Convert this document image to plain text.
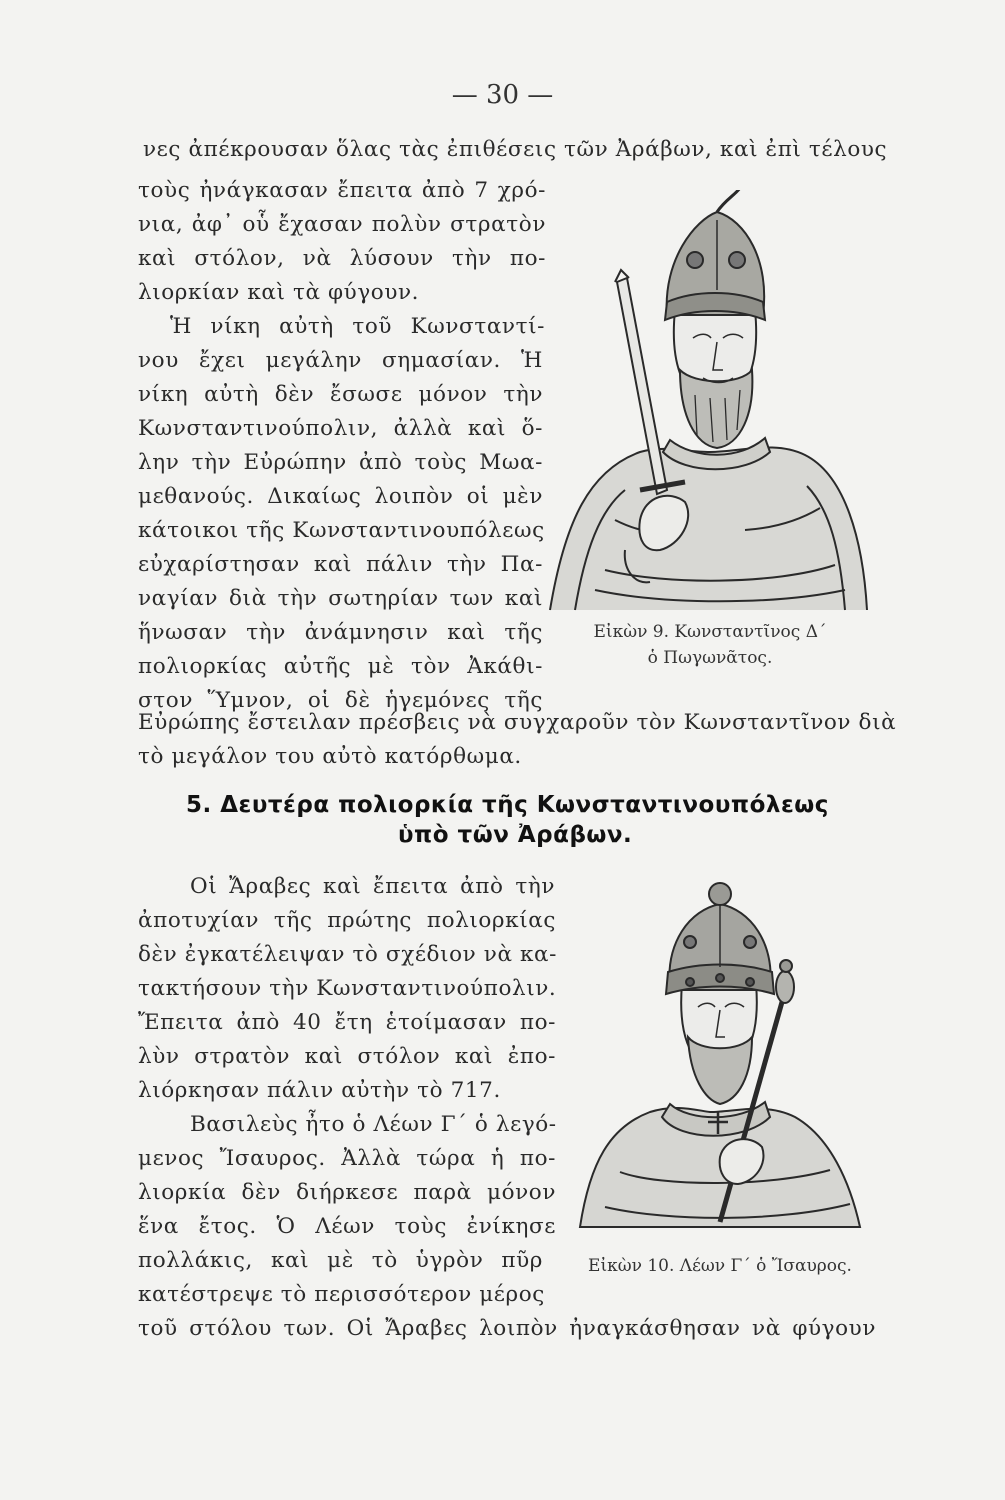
— 30 —
νες ἀπέκρουσαν ὅλας τὰς ἐπιθέσεις τῶν Ἀράβων, καὶ ἐπὶ τέλους
τοὺς ἠνάγκασαν ἔπειτα ἀπὸ 7 χρό-
νια, ἀφ᾽ οὗ ἔχασαν πολὺν στρατὸν
καὶ στόλον, νὰ λύσουν τὴν πο-
λιορκίαν καὶ τὰ φύγουν.
Ἡ νίκη αὐτὴ τοῦ Κωνσταντί-
νου ἔχει μεγάλην σημασίαν. Ἡ
νίκη αὐτὴ δὲν ἔσωσε μόνον τὴν
Κωνσταντινούπολιν, ἀλλὰ καὶ ὅ-
λην τὴν Εὐρώπην ἀπὸ τοὺς Μωα-
μεθανούς. Δικαίως λοιπὸν οἱ μὲν
κάτοικοι τῆς Κωνσταντινουπόλεως
εὐχαρίστησαν καὶ πάλιν τὴν Πα-
ναγίαν διὰ τὴν σωτηρίαν των καὶ
ἥνωσαν τὴν ἀνάμνησιν καὶ τῆς
πολιορκίας αὐτῆς μὲ τὸν Ἀκάθι-
στον Ὕμνον, οἱ δὲ ἡγεμόνες τῆς
Εὐρώπης ἔστειλαν πρέσβεις νὰ συγχαροῦν τὸν Κωνσταντῖνον διὰ
τὸ μεγάλον του αὐτὸ κατόρθωμα.
Εἰκὼν 9. Κωνσταντῖνος Δ´
ὁ Πωγωνᾶτος.
5. Δευτέρα πολιορκία τῆς Κωνσταντινουπόλεως
ὑπὸ τῶν Ἀράβων.
Οἱ Ἄραβες καὶ ἔπειτα ἀπὸ τὴν
ἀποτυχίαν τῆς πρώτης πολιορκίας
δὲν ἐγκατέλειψαν τὸ σχέδιον νὰ κα-
τακτήσουν τὴν Κωνσταντινούπολιν.
Ἔπειτα ἀπὸ 40 ἔτη ἑτοίμασαν πο-
λὺν στρατὸν καὶ στόλον καὶ ἐπο-
λιόρκησαν πάλιν αὐτὴν τὸ 717.
Βασιλεὺς ἦτο ὁ Λέων Γ´ ὁ λεγό-
μενος Ἴσαυρος. Ἀλλὰ τώρα ἡ πο-
λιορκία δὲν διήρκεσε παρὰ μόνον
ἕνα ἔτος. Ὁ Λέων τοὺς ἐνίκησε
πολλάκις, καὶ μὲ τὸ ὑγρὸν πῦρ
κατέστρεψε τὸ περισσότερον μέρος
τοῦ στόλου των. Οἱ Ἄραβες λοιπὸν ἠναγκάσθησαν νὰ φύγουν
Εἰκὼν 10. Λέων Γ´ ὁ Ἴσαυρος.
